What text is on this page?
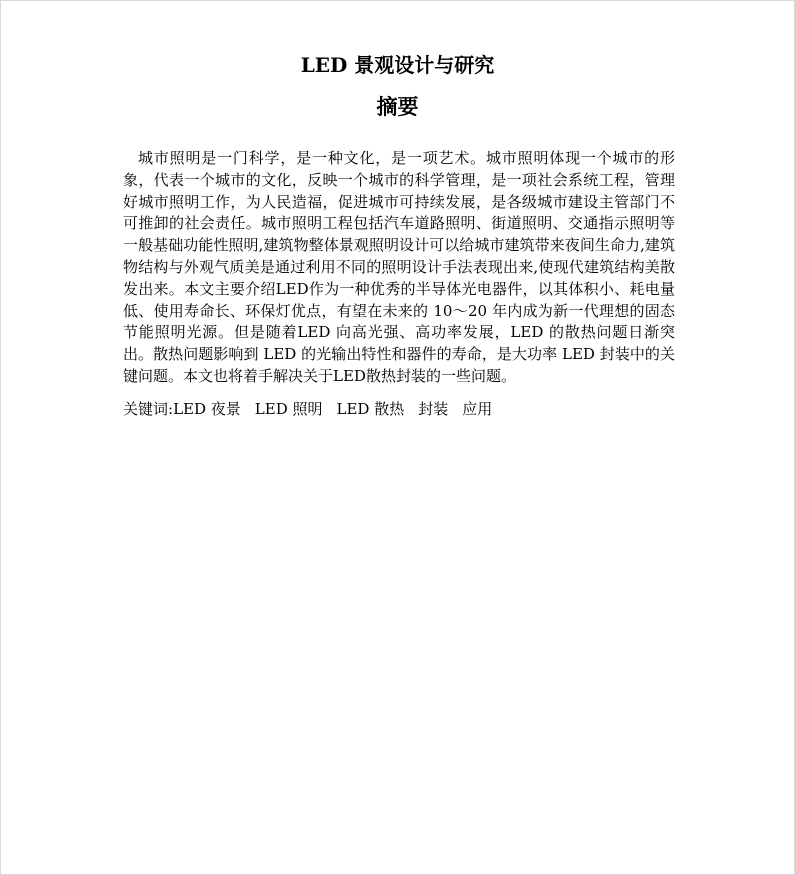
LED 景观设计与研究
摘要

城市照明是一门科学，是一种文化，是一项艺术。城市照明体现一个城市的形象，代表一个城市的文化，反映一个城市的科学管理，是一项社会系统工程，管理好城市照明工作，为人民造福，促进城市可持续发展，是各级城市建设主管部门不可推卸的社会责任。城市照明工程包括汽车道路照明、街道照明、交通指示照明等一般基础功能性照明,建筑物整体景观照明设计可以给城市建筑带来夜间生命力,建筑物结构与外观气质美是通过利用不同的照明设计手法表现出来,使现代建筑结构美散发出来。本文主要介绍LED作为一种优秀的半导体光电器件，以其体积小、耗电量低、使用寿命长、环保灯优点，有望在未来的 10～20 年内成为新一代理想的固态节能照明光源。但是随着LED 向高光强、高功率发展，LED 的散热问题日渐突出。散热问题影响到 LED 的光输出特性和器件的寿命，是大功率 LED 封装中的关键问题。本文也将着手解决关于LED散热封装的一些问题。

关键词:LED 夜景 LED 照明 LED 散热 封装 应用
